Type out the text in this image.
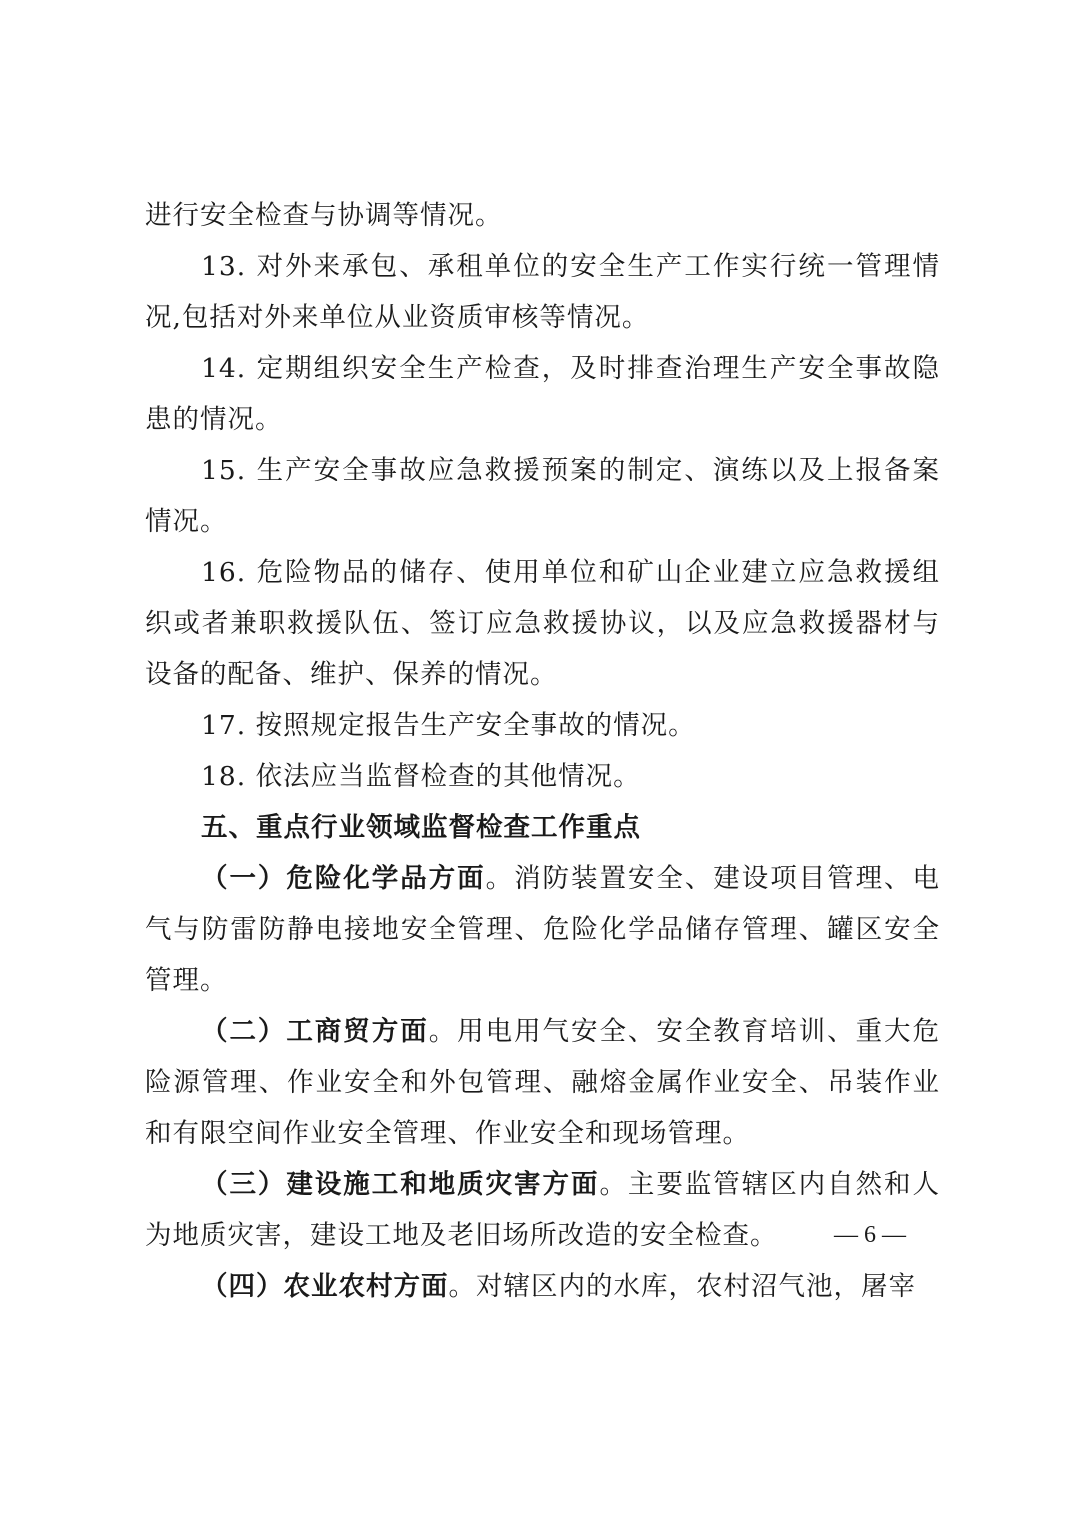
进行安全检查与协调等情况。

13. 对外来承包、承租单位的安全生产工作实行统一管理情况,包括对外来单位从业资质审核等情况。

14. 定期组织安全生产检查，及时排查治理生产安全事故隐患的情况。

15. 生产安全事故应急救援预案的制定、演练以及上报备案情况。

16. 危险物品的储存、使用单位和矿山企业建立应急救援组织或者兼职救援队伍、签订应急救援协议，以及应急救援器材与设备的配备、维护、保养的情况。

17. 按照规定报告生产安全事故的情况。

18. 依法应当监督检查的其他情况。

五、重点行业领域监督检查工作重点

（一）危险化学品方面。消防装置安全、建设项目管理、电气与防雷防静电接地安全管理、危险化学品储存管理、罐区安全管理。

（二）工商贸方面。用电用气安全、安全教育培训、重大危险源管理、作业安全和外包管理、融熔金属作业安全、吊装作业和有限空间作业安全管理、作业安全和现场管理。

（三）建设施工和地质灾害方面。主要监管辖区内自然和人为地质灾害，建设工地及老旧场所改造的安全检查。

（四）农业农村方面。对辖区内的水库，农村沼气池，屠宰

— 6 —
